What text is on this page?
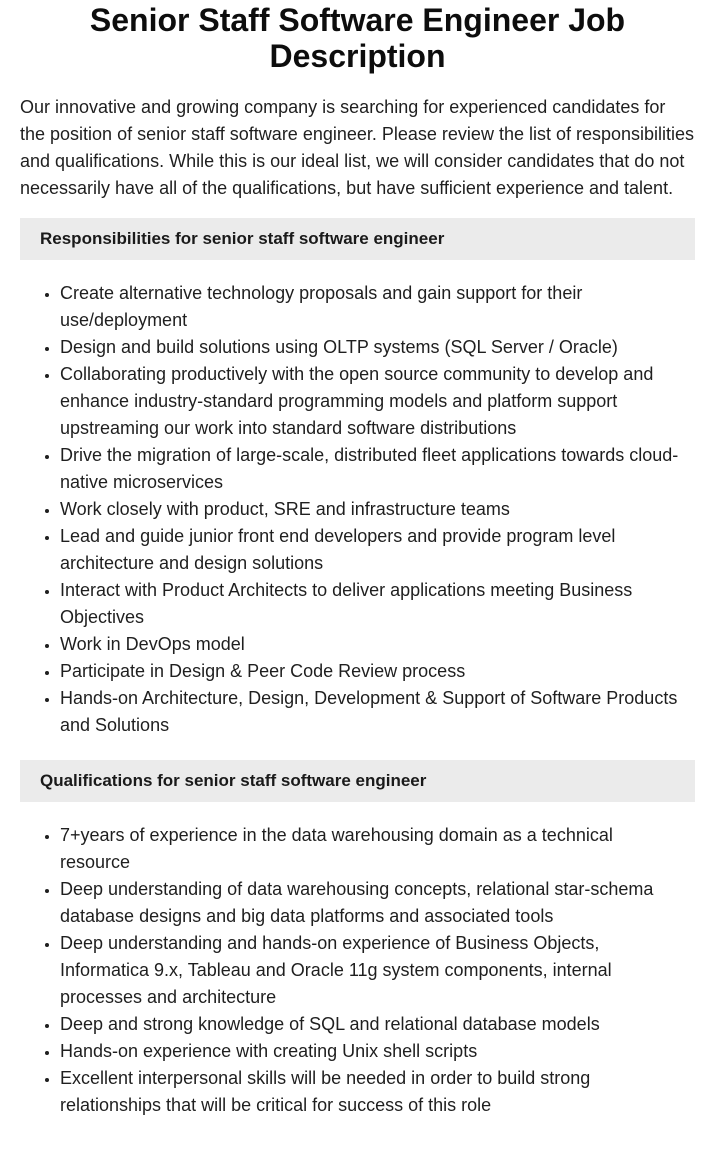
Senior Staff Software Engineer Job Description

Our innovative and growing company is searching for experienced candidates for the position of senior staff software engineer. Please review the list of responsibilities and qualifications. While this is our ideal list, we will consider candidates that do not necessarily have all of the qualifications, but have sufficient experience and talent.

Responsibilities for senior staff software engineer
• Create alternative technology proposals and gain support for their use/deployment
• Design and build solutions using OLTP systems (SQL Server / Oracle)
• Collaborating productively with the open source community to develop and enhance industry-standard programming models and platform support upstreaming our work into standard software distributions
• Drive the migration of large-scale, distributed fleet applications towards cloud-native microservices
• Work closely with product, SRE and infrastructure teams
• Lead and guide junior front end developers and provide program level architecture and design solutions
• Interact with Product Architects to deliver applications meeting Business Objectives
• Work in DevOps model
• Participate in Design & Peer Code Review process
• Hands-on Architecture, Design, Development & Support of Software Products and Solutions
Qualifications for senior staff software engineer
• 7+years of experience in the data warehousing domain as a technical resource
• Deep understanding of data warehousing concepts, relational star-schema database designs and big data platforms and associated tools
• Deep understanding and hands-on experience of Business Objects, Informatica 9.x, Tableau and Oracle 11g system components, internal processes and architecture
• Deep and strong knowledge of SQL and relational database models
• Hands-on experience with creating Unix shell scripts
• Excellent interpersonal skills will be needed in order to build strong relationships that will be critical for success of this role
